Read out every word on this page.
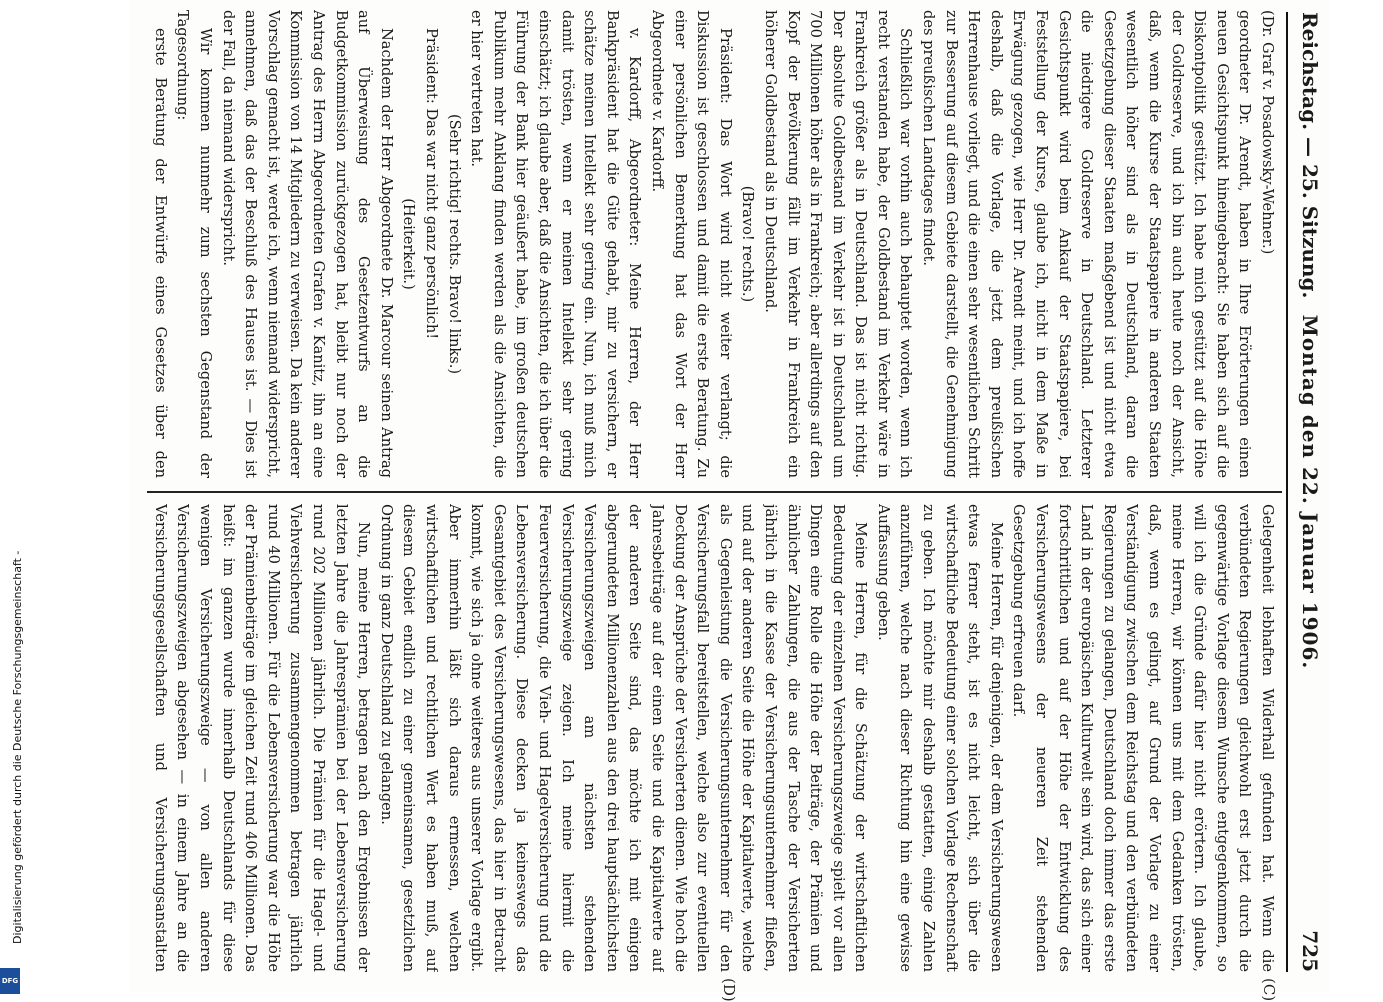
Reichstag. — 25. Sitzung.
Montag den 22. Januar 1906.
725

(Dr. Graf v. Posadowsky-Wehner.)

geordneter Dr. Arendt, haben in Ihre Erörterungen einen neuen Gesichtspunkt hineingebracht: Sie haben sich auf die Diskontpolitik gestützt. Ich habe mich gestützt auf die Höhe der Goldreserve, und ich bin auch heute noch der Ansicht, daß, wenn die Kurse der Staatspapiere in anderen Staaten wesentlich höher sind als in Deutschland, daran die Gesetzgebung dieser Staaten maßgebend ist und nicht etwa die niedrigere Goldreserve in Deutschland. Letzterer Gesichtspunkt wird beim Ankauf der Staatspapiere, bei Feststellung der Kurse, glaube ich, nicht in dem Maße in Erwägung gezogen, wie Herr Dr. Arendt meint, und ich hoffe deshalb, daß die Vorlage, die jetzt dem preußischen Herrenhause vorliegt, und die einen sehr wesentlichen Schritt zur Besserung auf diesem Gebiete darstellt, die Genehmigung des preußischen Landtages findet.

Schließlich war vorhin auch behauptet worden, wenn ich recht verstanden habe, der Goldbestand im Verkehr wäre in Frankreich größer als in Deutschland. Das ist nicht richtig. Der absolute Goldbestand im Verkehr ist in Deutschland um 700 Millionen höher als in Frankreich; aber allerdings auf den Kopf der Bevölkerung fällt im Verkehr in Frankreich ein höherer Goldbestand als in Deutschland.

(Bravo! rechts.)

Präsident: Das Wort wird nicht weiter verlangt; die Diskussion ist geschlossen und damit die erste Beratung. Zu einer persönlichen Bemerkung hat das Wort der Herr Abgeordnete v. Kardorff.

v. Kardorff, Abgeordneter: Meine Herren, der Herr Bankpräsident hat die Güte gehabt, mir zu versichern, er schätze meinen Intellekt sehr gering ein. Nun, ich muß mich damit trösten, wenn er meinen Intellekt sehr gering einschätzt; ich glaube aber, daß die Ansichten, die ich über die Führung der Bank hier geäußert habe, im großen deutschen Publikum mehr Anklang finden werden als die Ansichten, die er hier vertreten hat.

(Sehr richtig! rechts. Bravo! links.)

Präsident: Das war nicht ganz persönlich!

(Heiterkeit.)

Nachdem der Herr Abgeordnete Dr. Marcour seinen Antrag auf Überweisung des Gesetzentwurfs an die Budgetkommission zurückgezogen hat, bleibt nur noch der Antrag des Herrn Abgeordneten Grafen v. Kanitz, ihn an eine Kommission von 14 Mitgliedern zu verweisen. Da kein anderer Vorschlag gemacht ist, werde ich, wenn niemand widerspricht, annehmen, daß das der Beschluß des Hauses ist. — Dies ist der Fall, da niemand widerspricht.

Wir kommen nunmehr zum sechsten Gegenstand der Tagesordnung:

erste Beratung der Entwürfe eines Gesetzes über den

Gelegenheit lebhaften Widerhall gefunden hat. Wenn die verbündeten Regierungen gleichwohl erst jetzt durch die gegenwärtige Vorlage diesem Wunsche entgegenkommen, so will ich die Gründe dafür hier nicht erörtern. Ich glaube, meine Herren, wir können uns mit dem Gedanken trösten, daß, wenn es gelingt, auf Grund der Vorlage zu einer Verständigung zwischen dem Reichstag und den verbündeten Regierungen zu gelangen, Deutschland doch immer das erste Land in der europäischen Kulturwelt sein wird, das sich einer fortschrittlichen und auf der Höhe der Entwicklung des Versicherungswesens der neueren Zeit stehenden Gesetzgebung erfreuen darf.

Meine Herren, für denjenigen, der dem Versicherungswesen etwas ferner steht, ist es nicht leicht, sich über die wirtschaftliche Bedeutung einer solchen Vorlage Rechenschaft zu geben. Ich möchte mir deshalb gestatten, einige Zahlen anzuführen, welche nach dieser Richtung hin eine gewisse Auffassung geben.

Meine Herren, für die Schätzung der wirtschaftlichen Bedeutung der einzelnen Versicherungszweige spielt vor allen Dingen eine Rolle die Höhe der Beiträge, der Prämien und ähnlicher Zahlungen, die aus der Tasche der Versicherten jährlich in die Kasse der Versicherungsunternehmer fließen, und auf der anderen Seite die Höhe der Kapitalwerte, welche als Gegenleistung die Versicherungsunternehmer für den Versicherungsfall bereitstellen, welche also zur eventuellen Deckung der Ansprüche der Versicherten dienen. Wie hoch die Jahresbeiträge auf der einen Seite und die Kapitalwerte auf der anderen Seite sind, das möchte ich mit einigen abgerundeten Millionenzahlen aus den drei hauptsächlichsten Versicherungszweigen am nächsten stehenden Versicherungszweige zeigen. Ich meine hiermit die Feuerversicherung, die Vieh- und Hagelversicherung und die Lebensversicherung. Diese decken ja keineswegs das Gesamtgebiet des Versicherungswesens, das hier in Betracht kommt, wie sich ja ohne weiteres aus unserer Vorlage ergibt. Aber immerhin läßt sich daraus ermessen, welchen wirtschaftlichen und rechtlichen Wert es haben muß, auf diesem Gebiet endlich zu einer gemeinsamen, gesetzlichen Ordnung in ganz Deutschland zu gelangen.

Nun, meine Herren, betragen nach den Ergebnissen der letzten Jahre die Jahresprämien bei der Lebensversicherung rund 202 Millionen jährlich. Die Prämien für die Hagel- und Viehversicherung zusammengenommen betragen jährlich rund 40 Millionen. Für die Lebensversicherung war die Höhe der Prämienbeiträge im gleichen Zeit rund 406 Millionen. Das heißt: im ganzen wurde innerhalb Deutschlands für diese wenigen Versicherungszweige — von allen anderen Versicherungszweigen abgesehen — in einem Jahre an die Versicherungsgesellschaften und Versicherungsanstalten

(C)
(D)
Digitalisierung gefördert durch die Deutsche Forschungsgemeinschaft -
DFG
